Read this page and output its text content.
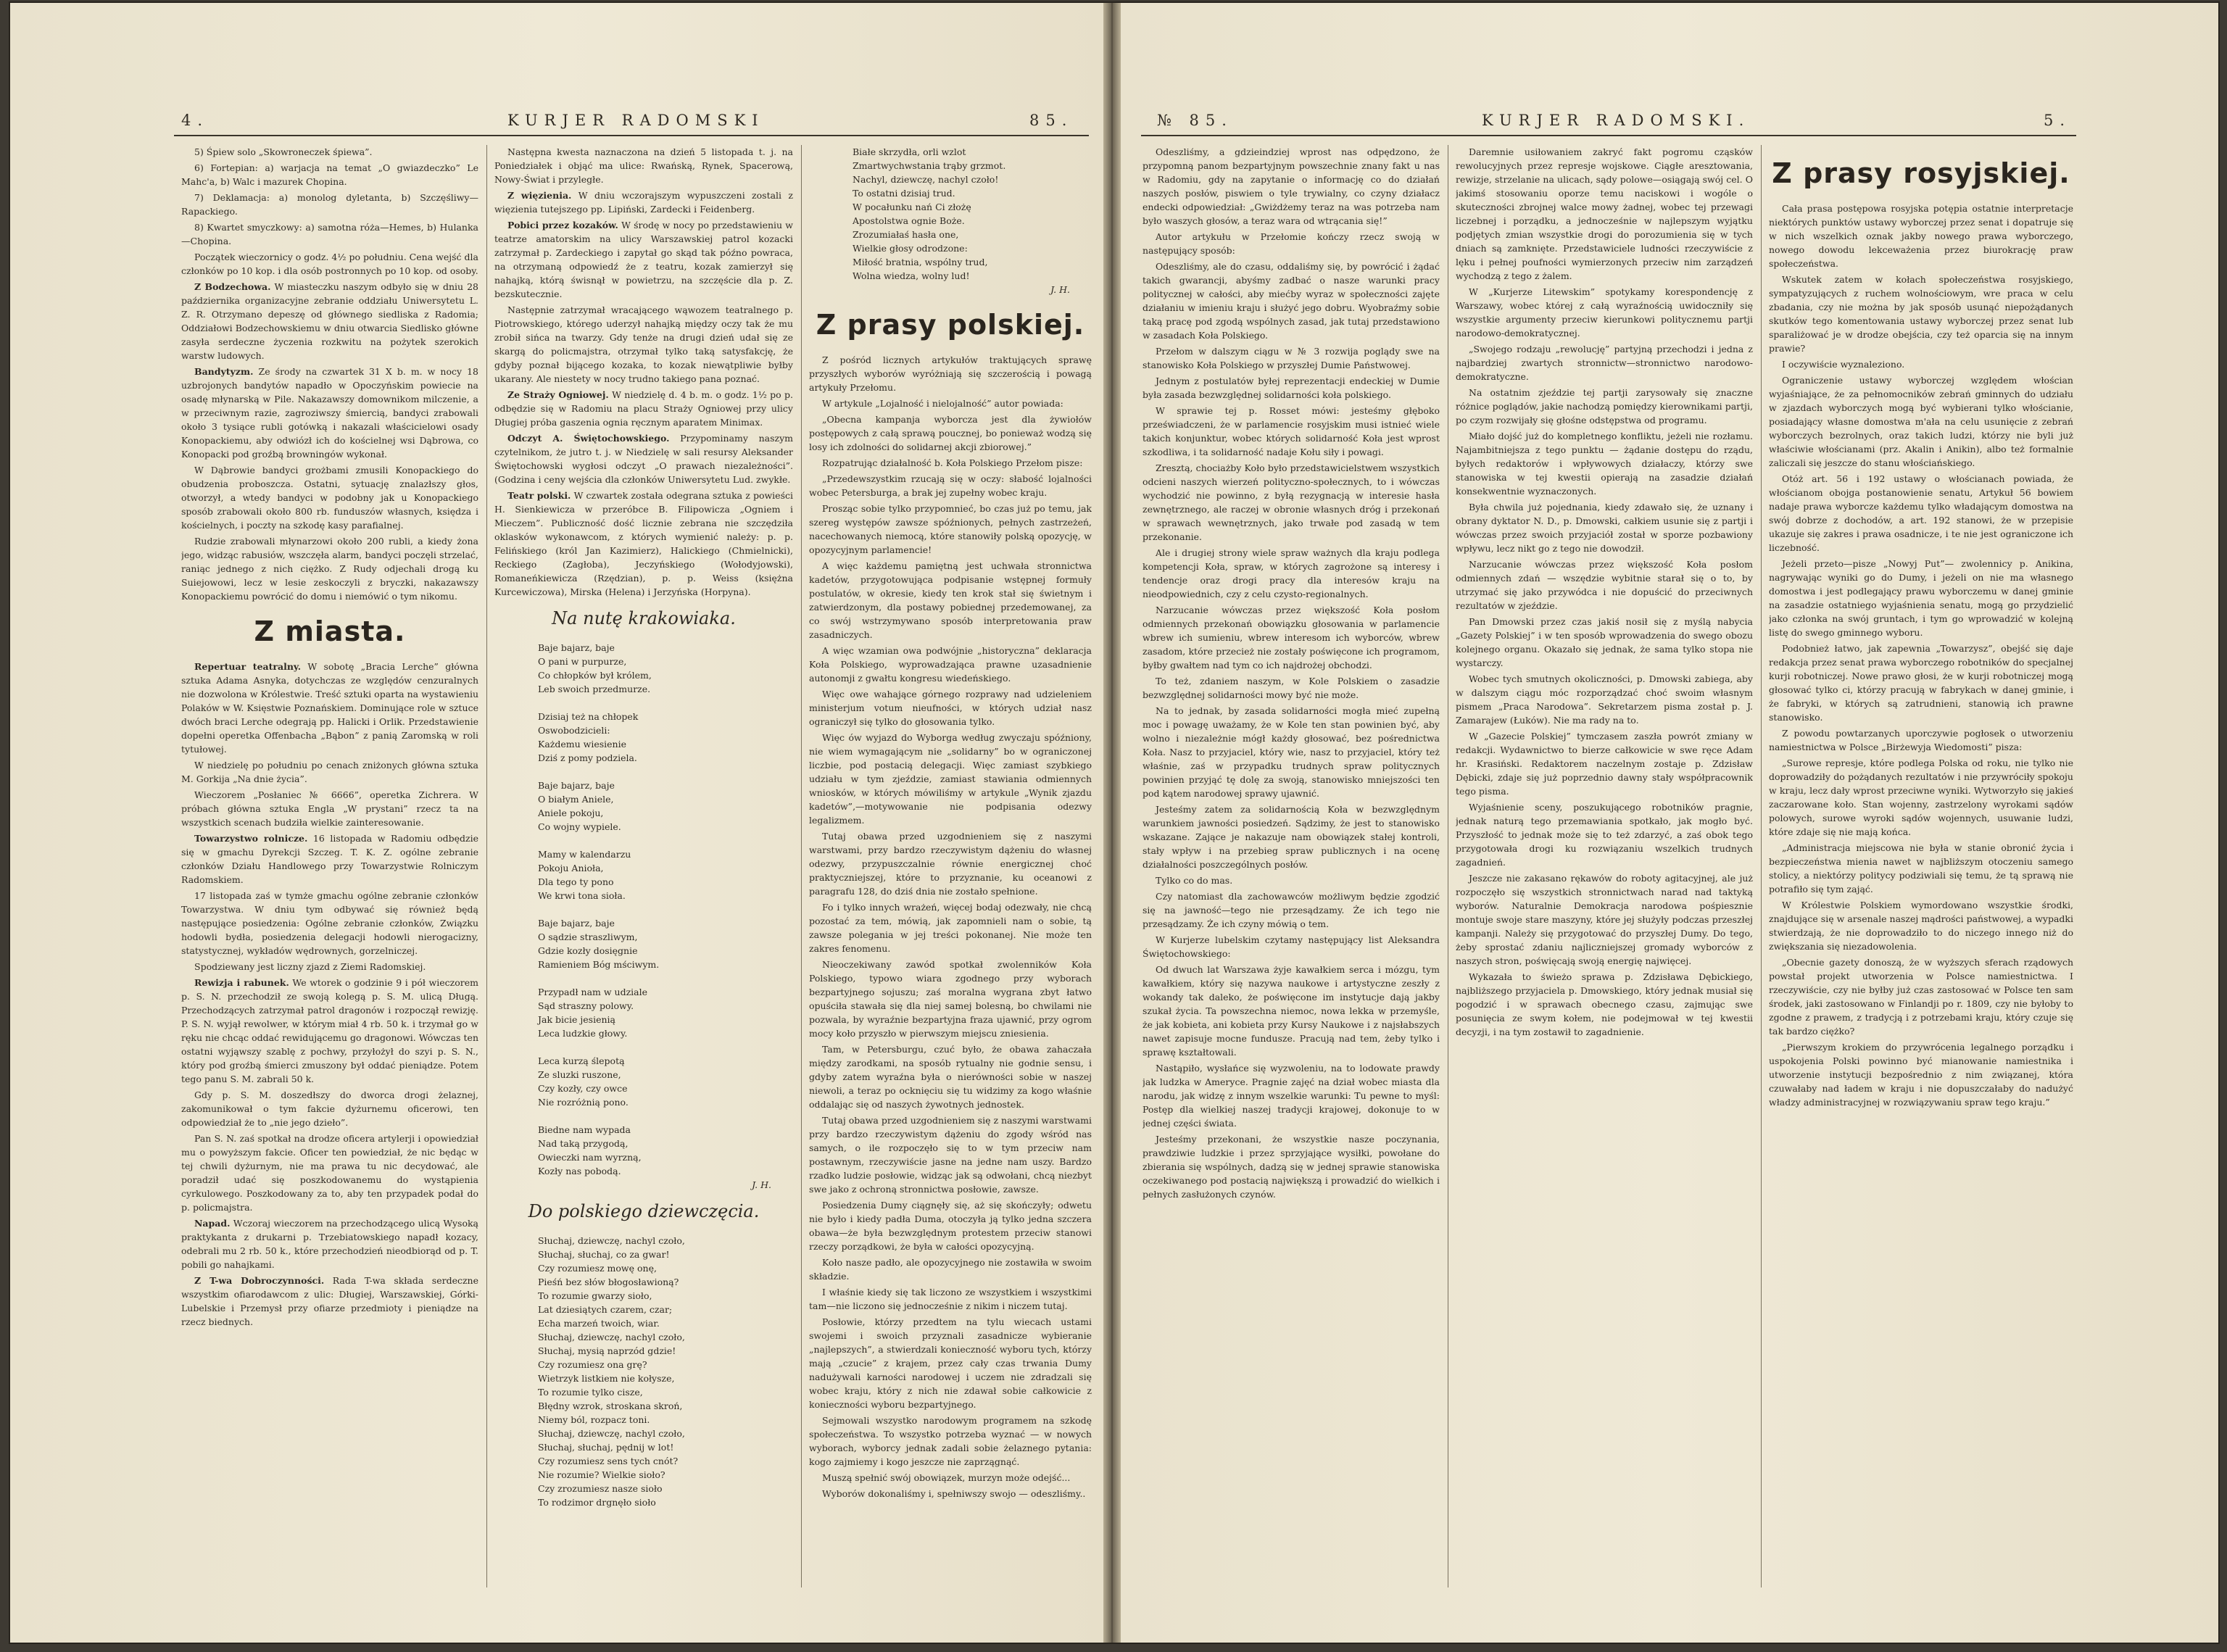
4.	KURJER RADOMSKI	85.

5) Śpiew solo „Skowroneczek śpiewa”.

6) Fortepian: a) warjacja na temat „O gwiazdeczko” Le Mahc'a, b) Walc i mazurek Chopina.

7) Deklamacja: a) monolog dyletanta, b) Szczęśliwy—Rapackiego.

8) Kwartet smyczkowy: a) samotna róża—Hemes, b) Hulanka—Chopina.

Początek wieczornicy o godz. 4½ po południu. Cena wejść dla członków po 10 kop. i dla osób postronnych po 10 kop. od osoby.

Z Bodzechowa. W miasteczku naszym odbyło się w dniu 28 października organizacyjne zebranie oddziału Uniwersytetu L. Z. R. Otrzymano depeszę od głównego siedliska z Radomia; Oddziałowi Bodzechowskiemu w dniu otwarcia Siedlisko główne zasyła serdeczne życzenia rozkwitu na pożytek szerokich warstw ludowych.

Bandytyzm. Ze środy na czwartek 31 X b. m. w nocy 18 uzbrojonych bandytów napadło w Opoczyńskim powiecie na osadę młynarską w Pile. Nakazawszy domownikom milczenie, a w przeciwnym razie, zagroziwszy śmiercią, bandyci zrabowali około 3 tysiące rubli gotówką i nakazali właścicielowi osady Konopackiemu, aby odwiózł ich do kościelnej wsi Dąbrowa, co Konopacki pod groźbą browningów wykonał.

W Dąbrowie bandyci grożbami zmusili Konopackiego do obudzenia proboszcza. Ostatni, sytuację znalazłszy głos, otworzył, a wtedy bandyci w podobny jak u Konopackiego sposób zrabowali około 800 rb. funduszów własnych, księdza i kościelnych, i poczty na szkodę kasy parafialnej.

Rudzie zrabowali młynarzowi około 200 rubli, a kiedy żona jego, widząc rabusiów, wszczęła alarm, bandyci poczęli strzelać, raniąc jednego z nich ciężko. Z Rudy odjechali drogą ku Suiejowowi, lecz w lesie zeskoczyli z bryczki, nakazawszy Konopackiemu powrócić do domu i niemówić o tym nikomu.

Z miasta.

Repertuar teatralny. W sobotę „Bracia Lerche” główna sztuka Adama Asnyka, dotychczas ze względów cenzuralnych nie dozwolona w Królestwie. Treść sztuki oparta na wystawieniu Polaków w W. Księstwie Poznańskiem. Dominujące role w sztuce dwóch braci Lerche odegrają pp. Halicki i Orlik. Przedstawienie dopełni operetka Offenbacha „Bąbon” z panią Zaromską w roli tytułowej.

W niedzielę po południu po cenach zniżonych główna sztuka M. Gorkija „Na dnie życia”.

Wieczorem „Posłaniec № 6666”, operetka Zichrera. W próbach główna sztuka Engla „W prystani” rzecz ta na wszystkich scenach budziła wielkie zainteresowanie.

Towarzystwo rolnicze. 16 listopada w Radomiu odbędzie się w gmachu Dyrekcji Szczeg. T. K. Z. ogólne zebranie członków Działu Handlowego przy Towarzystwie Rolniczym Radomskiem.

17 listopada zaś w tymże gmachu ogólne zebranie członków Towarzystwa. W dniu tym odbywać się również będą następujące posiedzenia: Ogólne zebranie członków, Związku hodowli bydła, posiedzenia delegacji hodowli nierogacizny, statystycznej, wykładów wędrownych, gorzelniczej.

Spodziewany jest liczny zjazd z Ziemi Radomskiej.

Rewizja i rabunek. We wtorek o godzinie 9 i pół wieczorem p. S. N. przechodził ze swoją kolegą p. S. M. ulicą Długą. Przechodzących zatrzymał patrol dragonów i rozpoczął rewizję. P. S. N. wyjął rewolwer, w którym miał 4 rb. 50 k. i trzymał go w ręku nie chcąc oddać rewidującemu go dragonowi. Wówczas ten ostatni wyjąwszy szablę z pochwy, przyłożył do szyi p. S. N., który pod groźbą śmierci zmuszony był oddać pieniądze. Potem tego panu S. M. zabrali 50 k.

Gdy p. S. M. doszedłszy do dworca drogi żelaznej, zakomunikował o tym fakcie dyżurnemu oficerowi, ten odpowiedział że to „nie jego dzieło”.

Pan S. N. zaś spotkał na drodze oficera artylerji i opowiedział mu o powyższym fakcie. Oficer ten powiedział, że nic będąc w tej chwili dyżurnym, nie ma prawa tu nic decydować, ale poradził udać się poszkodowanemu do wystąpienia cyrkulowego. Poszkodowany za to, aby ten przypadek podał do p. policmajstra.

Napad. Wczoraj wieczorem na przechodzącego ulicą Wysoką praktykanta z drukarni p. Trzebiatowskiego napadł kozacy, odebrali mu 2 rb. 50 k., które przechodzień nieodbiorąd od p. T. pobili go nahajkami.

Z T-wa Dobroczynności. Rada T-wa składa serdeczne wszystkim ofiarodawcom z ulic: Długiej, Warszawskiej, Górki-Lubelskie i Przemysł przy ofiarze przedmioty i pieniądze na rzecz biednych.

Następna kwesta naznaczona na dzień 5 listopada t. j. na Poniedziałek i objąć ma ulice: Rwańską, Rynek, Spacerową, Nowy-Świat i przyległe.

Z więzienia. W dniu wczorajszym wypuszczeni zostali z więzienia tutejszego pp. Lipiński, Zardecki i Feidenberg.

Pobici przez kozaków. W środę w nocy po przedstawieniu w teatrze amatorskim na ulicy Warszawskiej patrol kozacki zatrzymał p. Zardeckiego i zapytał go skąd tak późno powraca, na otrzymaną odpowiedź że z teatru, kozak zamierzył się nahajką, którą świsnął w powietrzu, na szczęście dla p. Z. bezskutecznie.

Następnie zatrzymał wracającego wąwozem teatralnego p. Piotrowskiego, którego uderzył nahajką między oczy tak że mu zrobił sińca na twarzy. Gdy tenże na drugi dzień udał się ze skargą do policmajstra, otrzymał tylko taką satysfakcję, że gdyby poznał bijącego kozaka, to kozak niewątpliwie byłby ukarany. Ale niestety w nocy trudno takiego pana poznać.

Ze Straży Ogniowej. W niedzielę d. 4 b. m. o godz. 1½ po p. odbędzie się w Radomiu na placu Straży Ogniowej przy ulicy Długiej próba gaszenia ognia ręcznym aparatem Minimax.

Odczyt A. Świętochowskiego. Przypominamy naszym czytelnikom, że jutro t. j. w Niedzielę w sali resursy Aleksander Świętochowski wygłosi odczyt „O prawach niezależności”. (Godzina i ceny wejścia dla członków Uniwersytetu Lud. zwykłe.

Teatr polski. W czwartek została odegrana sztuka z powieści H. Sienkiewicza w przeróbce B. Filipowicza „Ogniem i Mieczem”. Publiczność dość licznie zebrana nie szczędziła oklasków wykonawcom, z których wymienić należy: p. p. Felińskiego (król Jan Kazimierz), Halickiego (Chmielnicki), Reckiego (Zagłoba), Jeczyńskiego (Wołodyjowski), Romaneńkiewicza (Rzędzian), p. p. Weiss (księżna Kurcewiczowa), Mirska (Helena) i Jerzyńska (Horpyna).

Na nutę krakowiaka.
Baje bajarz, baje
O pani w purpurze,
Co chłopków był królem,
Leb swoich przedmurze.

Dzisiaj też na chłopek
Oswobodzicieli:
Każdemu wiesienie
Dziś z pomy podziela.

Baje bajarz, baje
O białym Aniele,
Aniele pokoju,
Co wojny wypiele.

Mamy w kalendarzu
Pokoju Anioła,
Dla tego ty pono
We krwi tona sioła.

Baje bajarz, baje
O sądzie straszliwym,
Gdzie kozły dosięgnie
Ramieniem Bóg mściwym.

Przypadł nam w udziale
Sąd straszny polowy.
Jak bicie jesienią
Leca ludzkie głowy.

Leca kurzą ślepotą
Ze sluzki ruszone,
Czy kozły, czy owce
Nie rozróżnią pono.

Biedne nam wypada
Nad taką przygodą,
Owieczki nam wyrzną,
Kozły nas pobodą.
J. H.
Do polskiego dziewczęcia.
Słuchaj, dziewczę, nachyl czoło,
Słuchaj, słuchaj, co za gwar!
Czy rozumiesz mowę onę,
Pieśń bez słów błogosławioną?
To rozumie gwarzy sioło,
Lat dziesiątych czarem, czar;
Echa marzeń twoich, wiar.
Słuchaj, dziewczę, nachyl czoło,
Słuchaj, mysią naprzód gdzie!
Czy rozumiesz ona grę?
Wietrzyk listkiem nie kołysze,
To rozumie tylko cisze,
Błędny wzrok, stroskana skroń,
Niemy ból, rozpacz toni.
Słuchaj, dziewczę, nachyl czoło,
Słuchaj, słuchaj, pędnij w lot!
Czy rozumiesz sens tych cnót?
Nie rozumie? Wielkie sioło?
Czy zrozumiesz nasze sioło
To rodzimor drgnęło sioło
Białe skrzydła, orli wzlot
Zmartwychwstania trąby grzmot.
Nachyl, dziewczę, nachyl czoło!
To ostatni dzisiaj trud.
W pocałunku nań Ci złożę
Apostolstwa ognie Boże.
Zrozumiałaś hasła one,
Wielkie głosy odrodzone:
Miłość bratnia, wspólny trud,
Wolna wiedza, wolny lud!
J. H.
Z prasy polskiej.

Z pośród licznych artykułów traktujących sprawę przyszłych wyborów wyróżniają się szczerością i powagą artykuły Przełomu.

W artykule „Lojalność i nielojalność” autor powiada:

„Obecna kampanja wyborcza jest dla żywiołów postępowych z całą sprawą poucznej, bo ponieważ wodzą się losy ich zdolności do solidarnej akcji zbiorowej.”

Rozpatrując działalność b. Koła Polskiego Przełom pisze:

„Przedewszystkim rzucają się w oczy: słabość lojalności wobec Petersburga, a brak jej zupełny wobec kraju.

Prosząc sobie tylko przypomnieć, bo czas już po temu, jak szereg występów zawsze spóźnionych, pełnych zastrzeżeń, nacechowanych niemocą, które stanowiły polską opozycję, w opozycyjnym parlamencie!

A więc każdemu pamiętną jest uchwała stronnictwa kadetów, przygotowująca podpisanie wstępnej formuły postulatów, w okresie, kiedy ten krok stał się świetnym i zatwierdzonym, dla postawy pobiednej przedemowanej, za co swój wstrzymywano sposób interpretowania praw zasadniczych.

A więc wzamian owa podwójnie „historyczna” deklaracja Koła Polskiego, wyprowadzająca prawne uzasadnienie autonomji z gwałtu kongresu wiedeńskiego.

Więc owe wahające górnego rozprawy nad udzieleniem ministerjum votum nieufności, w których udział nasz ograniczył się tylko do głosowania tylko.

Więc ów wyjazd do Wyborga według zwyczaju spóźniony, nie wiem wymagającym nie „solidarny” bo w ograniczonej liczbie, pod postacią delegacji. Więc zamiast szybkiego udziału w tym zjeździe, zamiast stawiania odmiennych wniosków, w których mówiliśmy w artykule „Wynik zjazdu kadetów”,—motywowanie nie podpisania odezwy legalizmem.

Tutaj obawa przed uzgodnieniem się z naszymi warstwami, przy bardzo rzeczywistym dążeniu do własnej odezwy, przypuszczalnie równie energicznej choć praktyczniejszej, które to przyznanie, ku oceanowi z paragrafu 128, do dziś dnia nie zostało spełnione.

Fo i tylko innych wrażeń, więcej bodaj odezwały, nie chcą pozostać za tem, mówią, jak zapomnieli nam o sobie, tą zawsze polegania w jej treści pokonanej. Nie może ten zakres fenomenu.

Nieoczekiwany zawód spotkał zwolenników Koła Polskiego, typowo wiara zgodnego przy wyborach bezpartyjnego sojuszu; zaś moralna wygrana zbyt łatwo opuściła stawała się dla niej samej bolesną, bo chwilami nie pozwala, by wyraźnie bezpartyjna fraza ujawnić, przy ogrom mocy koło przyszło w pierwszym miejscu zniesienia.

Tam, w Petersburgu, czuć było, że obawa zahaczała między zarodkami, na sposób rytualny nie godnie sensu, i gdyby zatem wyraźna była o nierówności sobie w naszej niewoli, a teraz po ocknięciu się tu widzimy za kogo właśnie oddalając się od naszych żywotnych jednostek.

Tutaj obawa przed uzgodnieniem się z naszymi warstwami przy bardzo rzeczywistym dążeniu do zgody wśród nas samych, o ile rozpoczęło się to w tym przeciw nam postawnym, rzeczywiście jasne na jedne nam uszy. Bardzo rzadko ludzie posłowie, widząc jak są odwołani, chcą niezbyt swe jako z ochroną stronnictwa posłowie, zawsze.

Posiedzenia Dumy ciągnęły się, aż się skończyły; odwetu nie było i kiedy padła Duma, otoczyła ją tylko jedna szczera obawa—że była bezwzględnym protestem przeciw stanowi rzeczy porządkowi, że była w całości opozycyjną.

Koło nasze padło, ale opozycyjnego nie zostawiła w swoim składzie.

I właśnie kiedy się tak liczono ze wszystkiem i wszystkimi tam—nie liczono się jednocześnie z nikim i niczem tutaj.

Posłowie, którzy przedtem na tylu wiecach ustami swojemi i swoich przyznali zasadnicze wybieranie „najlepszych”, a stwierdzali konieczność wyboru tych, którzy mają „czucie” z krajem, przez cały czas trwania Dumy nadużywali karności narodowej i uczem nie zdradzali się wobec kraju, który z nich nie zdawał sobie całkowicie z konieczności wyboru bezpartyjnego.

Sejmowali wszystko narodowym programem na szkodę społeczeństwa. To wszystko potrzeba wyznać — w nowych wyborach, wyborcy jednak zadali sobie żelaznego pytania: kogo zajmiemy i kogo jeszcze nie zaprzągnąć.

Muszą spełnić swój obowiązek, murzyn może odejść...

Wyborów dokonaliśmy i, spełniwszy swojo — odeszliśmy..

№ 85.	KURJER RADOMSKI.	5.

Odeszliśmy, a gdzieindziej wprost nas odpędzono, że przypomną panom bezpartyjnym powszechnie znany fakt u nas w Radomiu, gdy na zapytanie o informację co do działań naszych posłów, piswiem o tyle trywialny, co czyny działacz endecki odpowiedział: „Gwiżdżemy teraz na was potrzeba nam było waszych głosów, a teraz wara od wtrącania się!”

Autor artykułu w Przełomie kończy rzecz swoją w następujący sposób:

Odeszliśmy, ale do czasu, oddaliśmy się, by powrócić i żądać takich gwarancji, abyśmy zadbać o nasze warunki pracy politycznej w całości, aby miećby wyraz w społeczności zajęte działaniu w imieniu kraju i służyć jego dobru. Wyobraźmy sobie taką pracę pod zgodą wspólnych zasad, jak tutaj przedstawiono w zasadach Koła Polskiego.

Przełom w dalszym ciągu w № 3 rozwija poglądy swe na stanowisko Koła Polskiego w przyszłej Dumie Państwowej.

Jednym z postulatów byłej reprezentacji endeckiej w Dumie była zasada bezwzględnej solidarności koła polskiego.

W sprawie tej p. Rosset mówi: jesteśmy głęboko przeświadczeni, że w parlamencie rosyjskim musi istnieć wiele takich konjunktur, wobec których solidarność Koła jest wprost szkodliwa, i ta solidarność nadaje Kołu siły i powagi.

Zresztą, chociażby Koło było przedstawicielstwem wszystkich odcieni naszych wierzeń polityczno-społecznych, to i wówczas wychodzić nie powinno, z byłą rezygnacją w interesie hasła zewnętrznego, ale raczej w obronie własnych dróg i przekonań w sprawach wewnętrznych, jako trwałe pod zasadą w tem przekonanie.

Ale i drugiej strony wiele spraw ważnych dla kraju podlega kompetencji Koła, spraw, w których zagrożone są interesy i tendencje oraz drogi pracy dla interesów kraju na nieodpowiednich, czy z celu czysto-regionalnych.

Narzucanie wówczas przez większość Koła posłom odmiennych przekonań obowiązku głosowania w parlamencie wbrew ich sumieniu, wbrew interesom ich wyborców, wbrew zasadom, które przecież nie zostały poświęcone ich programom, byłby gwałtem nad tym co ich najdrożej obchodzi.

To też, zdaniem naszym, w Kole Polskiem o zasadzie bezwzględnej solidarności mowy być nie może.

Na to jednak, by zasada solidarności mogła mieć zupełną moc i powagę uważamy, że w Kole ten stan powinien być, aby wolno i niezależnie mógł każdy głosować, bez pośrednictwa Koła. Nasz to przyjaciel, który wie, nasz to przyjaciel, który też właśnie, zaś w przypadku trudnych spraw politycznych powinien przyjąć tę dolę za swoją, stanowisko mniejszości ten pod kątem narodowej sprawy ujawnić.

Jesteśmy zatem za solidarnością Koła w bezwzględnym warunkiem jawności posiedzeń. Sądzimy, że jest to stanowisko wskazane. Zające je nakazuje nam obowiązek stałej kontroli, stały wpływ i na przebieg spraw publicznych i na ocenę działalności poszczególnych posłów.

Tylko co do mas.

Czy natomiast dla zachowawców możliwym będzie zgodzić się na jawność—tego nie przesądzamy. Że ich tego nie przesądzamy. Że ich czyny mówią o tem.

W Kurjerze lubelskim czytamy następujący list Aleksandra Świętochowskiego:

Od dwuch lat Warszawa żyje kawałkiem serca i mózgu, tym kawałkiem, który się nazywa naukowe i artystyczne zeszły z wokandy tak daleko, że poświęcone im instytucje dają jakby szukał życia. Ta powszechna niemoc, nowa lekka w przemyśle, że jak kobieta, ani kobieta przy Kursy Naukowe i z najsłabszych nawet zapisuje mocne fundusze. Pracują nad tem, żeby tylko i sprawę kształtowali.

Nastąpiło, wysłańce się wyzwoleniu, na to lodowate prawdy jak ludzka w Ameryce. Pragnie zajęć na dział wobec miasta dla narodu, jak widzę z innym wszelkie warunki: Tu pewne to myśl: Postęp dla wielkiej naszej tradycji krajowej, dokonuje to w jednej części świata.

Jesteśmy przekonani, że wszystkie nasze poczynania, prawdziwie ludzkie i przez sprzyjające wysiłki, powołane do zbierania się wspólnych, dadzą się w jednej sprawie stanowiska oczekiwanego pod postacią największą i prowadzić do wielkich i pełnych zasłużonych czynów.

Daremnie usiłowaniem zakryć fakt pogromu cząsków rewolucyjnych przez represje wojskowe. Ciągłe aresztowania, rewizje, strzelanie na ulicach, sądy polowe—osiągają swój cel. O jakimś stosowaniu oporze temu naciskowi i wogóle o skuteczności zbrojnej walce mowy żadnej, wobec tej przewagi liczebnej i porządku, a jednocześnie w najlepszym wyjątku podjętych zmian wszystkie drogi do porozumienia się w tych dniach są zamknięte. Przedstawiciele ludności rzeczywiście z lęku i pełnej poufności wymierzonych przeciw nim zarządzeń wychodzą z tego z żalem.

W „Kurjerze Litewskim” spotykamy korespondencję z Warszawy, wobec której z całą wyraźnością uwidoczniły się wszystkie argumenty przeciw kierunkowi politycznemu partji narodowo-demokratycznej.

„Swojego rodzaju „rewolucję” partyjną przechodzi i jedna z najbardziej zwartych stronnictw—stronnictwo narodowo-demokratyczne.

Na ostatnim zjeździe tej partji zarysowały się znaczne różnice poglądów, jakie nachodzą pomiędzy kierownikami partji, po czym rozwijały się głośne odstępstwa od programu.

Miało dojść już do kompletnego konfliktu, jeżeli nie rozłamu. Najambitniejsza z tego punktu — żądanie dostępu do rządu, byłych redaktorów i wpływowych działaczy, którzy swe stanowiska w tej kwestii opierają na zasadzie działań konsekwentnie wyznaczonych.

Była chwila już pojednania, kiedy zdawało się, że uznany i obrany dyktator N. D., p. Dmowski, całkiem usunie się z partji i wówczas przez swoich przyjaciół został w sporze pozbawiony wpływu, lecz nikt go z tego nie dowodził.

Narzucanie wówczas przez większość Koła posłom odmiennych zdań — wszędzie wybitnie starał się o to, by utrzymać się jako przywódca i nie dopuścić do przeciwnych rezultatów w zjeździe.

Pan Dmowski przez czas jakiś nosił się z myślą nabycia „Gazety Polskiej” i w ten sposób wprowadzenia do swego obozu kolejnego organu. Okazało się jednak, że sama tylko stopa nie wystarczy.

Wobec tych smutnych okoliczności, p. Dmowski zabiega, aby w dalszym ciągu móc rozporządzać choć swoim własnym pismem „Praca Narodowa”. Sekretarzem pisma został p. J. Zamarajew (Łuków). Nie ma rady na to.

W „Gazecie Polskiej” tymczasem zaszła powrót zmiany w redakcji. Wydawnictwo to bierze całkowicie w swe ręce Adam hr. Krasiński. Redaktorem naczelnym zostaje p. Zdzisław Dębicki, zdaje się już poprzednio dawny stały współpracownik tego pisma.

Wyjaśnienie sceny, poszukującego robotników pragnie, jednak naturą tego przemawiania spotkało, jak mogło być. Przyszłość to jednak może się to też zdarzyć, a zaś obok tego przygotowała drogi ku rozwiązaniu wszelkich trudnych zagadnień.

Jeszcze nie zakasano rękawów do roboty agitacyjnej, ale już rozpoczęło się wszystkich stronnictwach narad nad taktyką wyborów. Naturalnie Demokracja narodowa pośpiesznie montuje swoje stare maszyny, które jej służyły podczas przeszłej kampanji. Należy się przygotować do przyszłej Dumy. Do tego, żeby sprostać zdaniu najliczniejszej gromady wyborców z naszych stron, poświęcają swoją energię najwięcej.

Wykazała to świeżo sprawa p. Zdzisława Dębickiego, najbliższego przyjaciela p. Dmowskiego, który jednak musiał się pogodzić i w sprawach obecnego czasu, zajmując swe posunięcia ze swym kołem, nie podejmował w tej kwestii decyzji, i na tym zostawił to zagadnienie.

Z prasy rosyjskiej.

Cała prasa postępowa rosyjska potępia ostatnie interpretacje niektórych punktów ustawy wyborczej przez senat i dopatruje się w nich wszelkich oznak jakby nowego prawa wyborczego, nowego dowodu lekceważenia przez biurokrację praw społeczeństwa.

Wskutek zatem w kołach społeczeństwa rosyjskiego, sympatyzujących z ruchem wolnościowym, wre praca w celu zbadania, czy nie można by jak sposób usunąć niepożądanych skutków tego komentowania ustawy wyborczej przez senat lub sparaliżować je w drodze obejścia, czy też oparcia się na innym prawie?

I oczywiście wyznaleziono.

Ograniczenie ustawy wyborczej względem włościan wyjaśniające, że za pełnomocników zebrań gminnych do udziału w zjazdach wyborczych mogą być wybierani tylko włościanie, posiadający własne domostwa m'ała na celu usunięcie z zebrań wyborczych bezrolnych, oraz takich ludzi, którzy nie byli już właściwie włościanami (prz. Akalin i Anikin), albo też formalnie zaliczali się jeszcze do stanu włościańskiego.

Otóż art. 56 i 192 ustawy o włościanach powiada, że włościanom obojga postanowienie senatu, Artykuł 56 bowiem nadaje prawa wyborcze każdemu tylko władającym domostwa na swój dobrze z dochodów, a art. 192 stanowi, że w przepisie ukazuje się zakres i prawa osadnicze, i te nie jest ograniczone ich liczebność.

Jeżeli przeto—pisze „Nowyj Put”— zwolennicy p. Anikina, nagrywając wyniki go do Dumy, i jeżeli on nie ma własnego domostwa i jest podlegający prawu wyborczemu w danej gminie na zasadzie ostatniego wyjaśnienia senatu, mogą go przydzielić jako członka na swój gruntach, i tym go wprowadzić w kolejną listę do swego gminnego wyboru.

Podobnież łatwo, jak zapewnia „Towarzysz”, obejść się daje redakcja przez senat prawa wyborczego robotników do specjalnej kurji robotniczej. Nowe prawo głosi, że w kurji robotniczej mogą głosować tylko ci, którzy pracują w fabrykach w danej gminie, i że fabryki, w których są zatrudnieni, stanowią ich prawne stanowisko.

Z powodu powtarzanych uporczywie pogłosek o utworzeniu namiestnictwa w Polsce „Birżewyja Wiedomosti” pisza:

„Surowe represje, które podlega Polska od roku, nie tylko nie doprowadziły do pożądanych rezultatów i nie przywróciły spokoju w kraju, lecz dały wprost przeciwne wyniki. Wytworzyło się jakieś zaczarowane koło. Stan wojenny, zastrzelony wyrokami sądów polowych, surowe wyroki sądów wojennych, usuwanie ludzi, które zdaje się nie mają końca.

„Administracja miejscowa nie była w stanie obronić życia i bezpieczeństwa mienia nawet w najbliższym otoczeniu samego stolicy, a niektórzy politycy podziwiali się temu, że tą sprawą nie potrafiło się tym zająć.

W Królestwie Polskiem wymordowano wszystkie środki, znajdujące się w arsenale naszej mądrości państwowej, a wypadki stwierdzają, że nie doprowadziło to do niczego innego niż do zwiększania się niezadowolenia.

„Obecnie gazety donoszą, że w wyższych sferach rządowych powstał projekt utworzenia w Polsce namiestnictwa. I rzeczywiście, czy nie byłby już czas zastosować w Polsce ten sam środek, jaki zastosowano w Finlandji po r. 1809, czy nie byłoby to zgodne z prawem, z tradycją i z potrzebami kraju, który czuje się tak bardzo ciężko?

„Pierwszym krokiem do przywrócenia legalnego porządku i uspokojenia Polski powinno być mianowanie namiestnika i utworzenie instytucji bezpośrednio z nim związanej, która czuwałaby nad ładem w kraju i nie dopuszczałaby do nadużyć władzy administracyjnej w rozwiązywaniu spraw tego kraju.”
